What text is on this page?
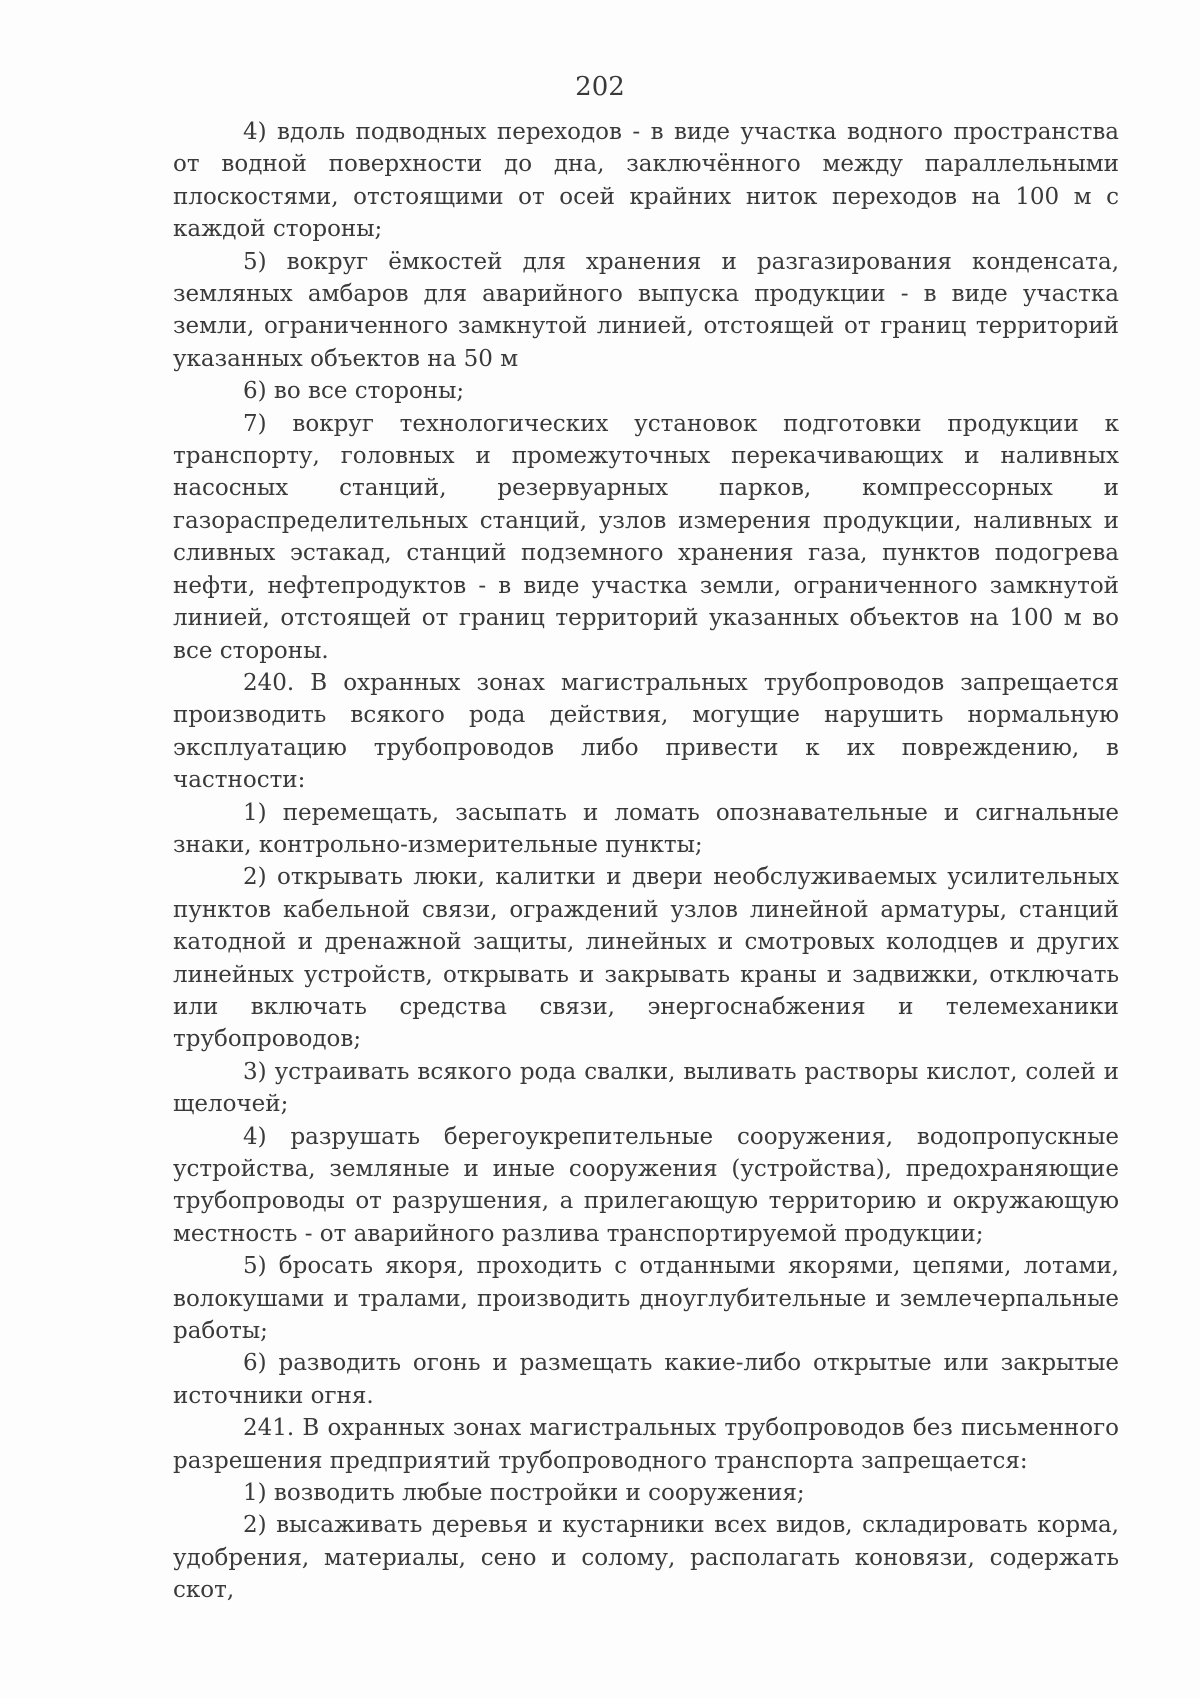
202

4) вдоль подводных переходов - в виде участка водного пространства от водной поверхности до дна, заключённого между параллельными плоскостями, отстоящими от осей крайних ниток переходов на 100 м с каждой стороны;

5) вокруг ёмкостей для хранения и разгазирования конденсата, земляных амбаров для аварийного выпуска продукции - в виде участка земли, ограниченного замкнутой линией, отстоящей от границ территорий указанных объектов на 50 м

6) во все стороны;

7) вокруг технологических установок подготовки продукции к транспорту, головных и промежуточных перекачивающих и наливных насосных станций, резервуарных парков, компрессорных и газораспределительных станций, узлов измерения продукции, наливных и сливных эстакад, станций подземного хранения газа, пунктов подогрева нефти, нефтепродуктов - в виде участка земли, ограниченного замкнутой линией, отстоящей от границ территорий указанных объектов на 100 м во все стороны.

240. В охранных зонах магистральных трубопроводов запрещается производить всякого рода действия, могущие нарушить нормальную эксплуатацию трубопроводов либо привести к их повреждению, в частности:

1) перемещать, засыпать и ломать опознавательные и сигнальные знаки, контрольно-измерительные пункты;

2) открывать люки, калитки и двери необслуживаемых усилительных пунктов кабельной связи, ограждений узлов линейной арматуры, станций катодной и дренажной защиты, линейных и смотровых колодцев и других линейных устройств, открывать и закрывать краны и задвижки, отключать или включать средства связи, энергоснабжения и телемеханики трубопроводов;

3) устраивать всякого рода свалки, выливать растворы кислот, солей и щелочей;

4) разрушать берегоукрепительные сооружения, водопропускные устройства, земляные и иные сооружения (устройства), предохраняющие трубопроводы от разрушения, а прилегающую территорию и окружающую местность - от аварийного разлива транспортируемой продукции;

5) бросать якоря, проходить с отданными якорями, цепями, лотами, волокушами и тралами, производить дноуглубительные и землечерпальные работы;

6) разводить огонь и размещать какие-либо открытые или закрытые источники огня.

241. В охранных зонах магистральных трубопроводов без письменного разрешения предприятий трубопроводного транспорта запрещается:

1) возводить любые постройки и сооружения;

2) высаживать деревья и кустарники всех видов, складировать корма, удобрения, материалы, сено и солому, располагать коновязи, содержать скот,
